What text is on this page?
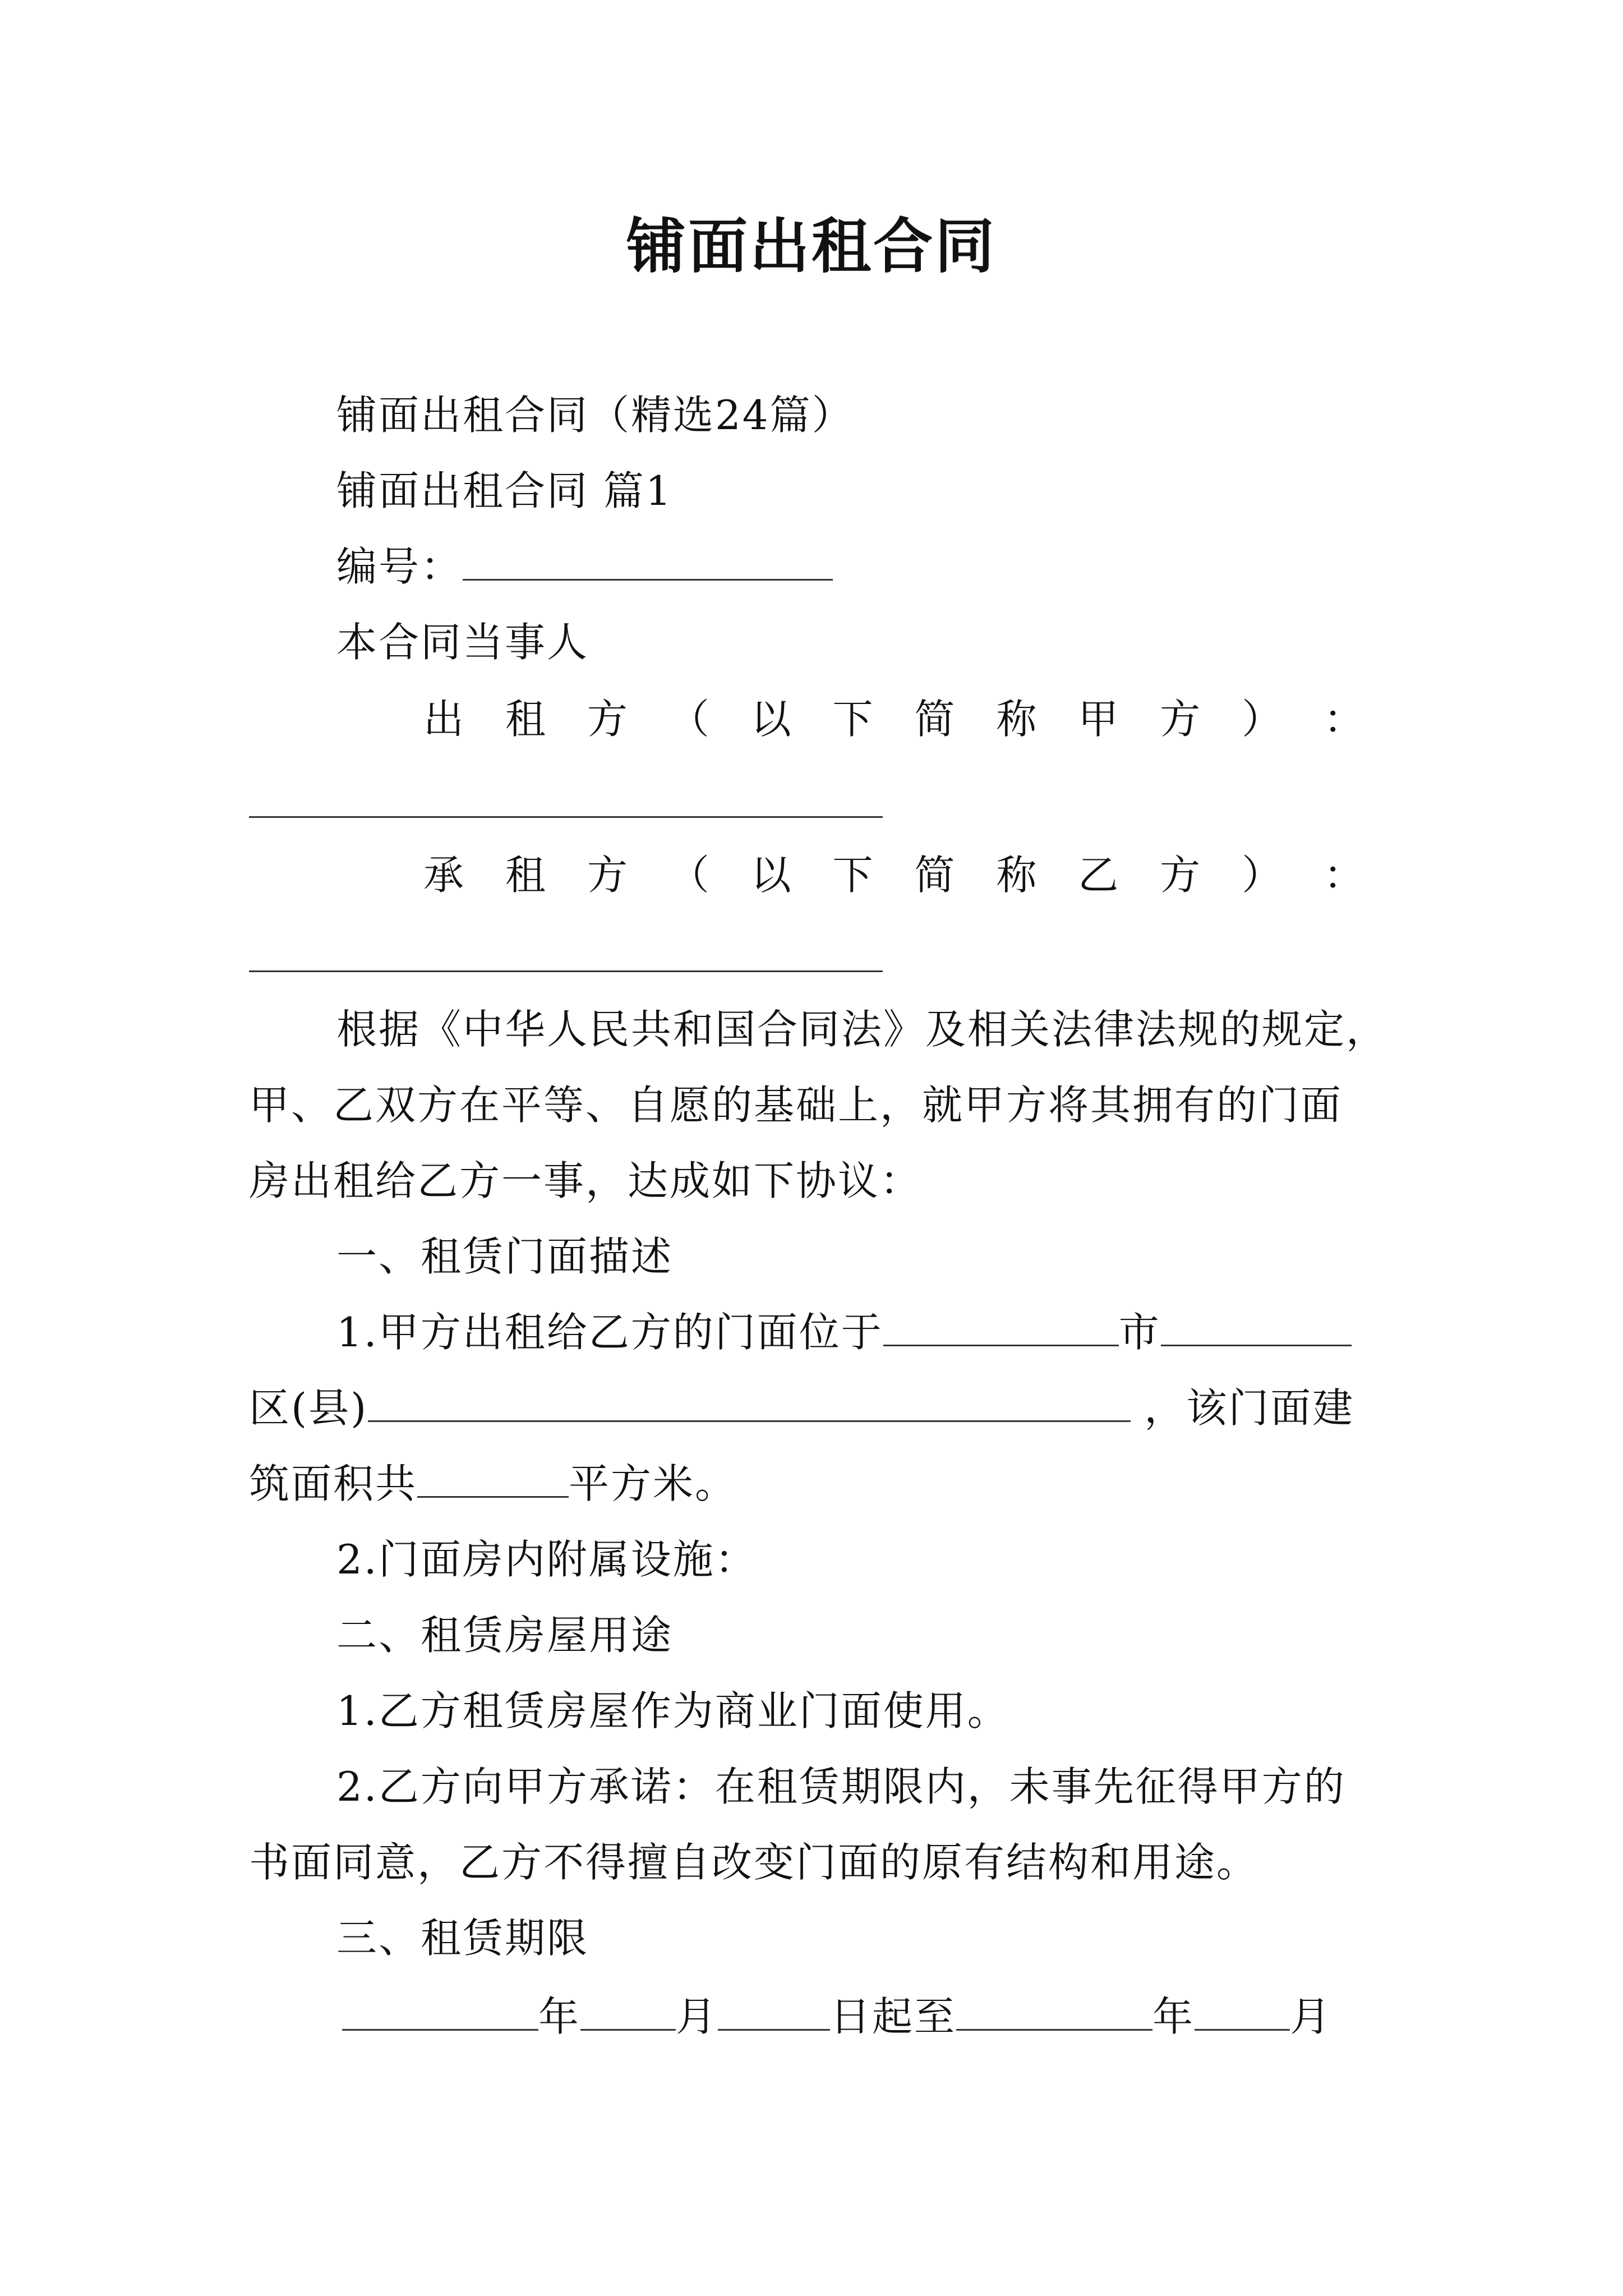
铺面出租合同
铺面出租合同（精选24篇）
铺面出租合同 篇1
编号：
本合同当事人
出 租 方 （ 以 下 简 称 甲 方 ） ：
承 租 方 （ 以 下 简 称 乙 方 ） ：
根据《中华人民共和国合同法》及相关法律法规的规定，
甲、乙双方在平等、自愿的基础上，就甲方将其拥有的门面
房出租给乙方一事，达成如下协议：
一、租赁门面描述
1.甲方出租给乙方的门面位于	市
区(县)	，该门面建
筑面积共	平方米。
2.门面房内附属设施：
二、租赁房屋用途
1.乙方租赁房屋作为商业门面使用。
2.乙方向甲方承诺：在租赁期限内，未事先征得甲方的
书面同意，乙方不得擅自改变门面的原有结构和用途。
三、租赁期限
年 月	日起至	年 月
